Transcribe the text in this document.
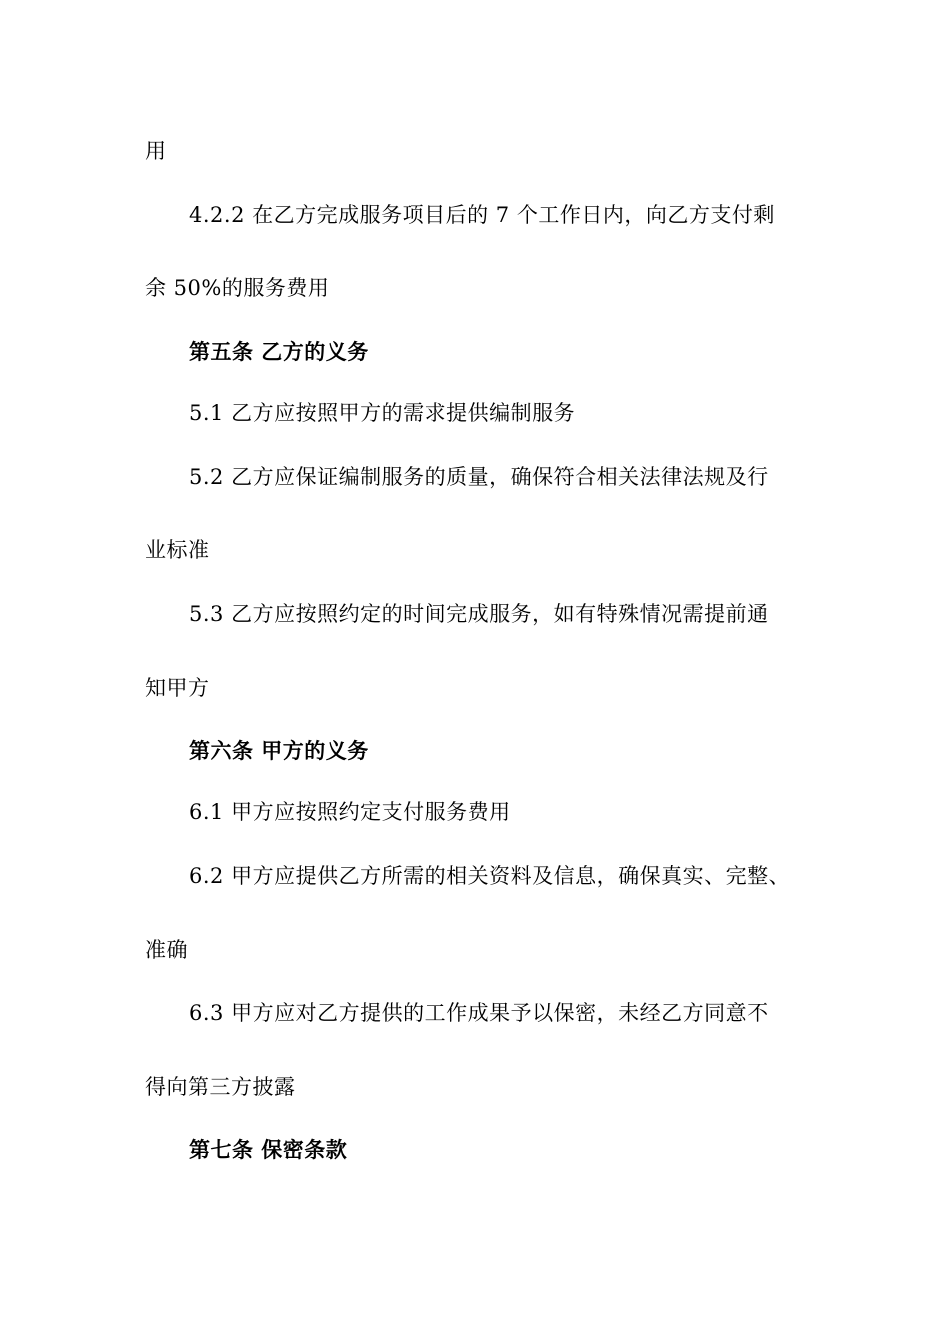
用
4.2.2 在乙方完成服务项目后的 7 个工作日内，向乙方支付剩
余 50%的服务费用
第五条 乙方的义务
5.1 乙方应按照甲方的需求提供编制服务
5.2 乙方应保证编制服务的质量，确保符合相关法律法规及行
业标准
5.3 乙方应按照约定的时间完成服务，如有特殊情况需提前通
知甲方
第六条 甲方的义务
6.1 甲方应按照约定支付服务费用
6.2 甲方应提供乙方所需的相关资料及信息，确保真实、完整、
准确
6.3 甲方应对乙方提供的工作成果予以保密，未经乙方同意不
得向第三方披露
第七条 保密条款
